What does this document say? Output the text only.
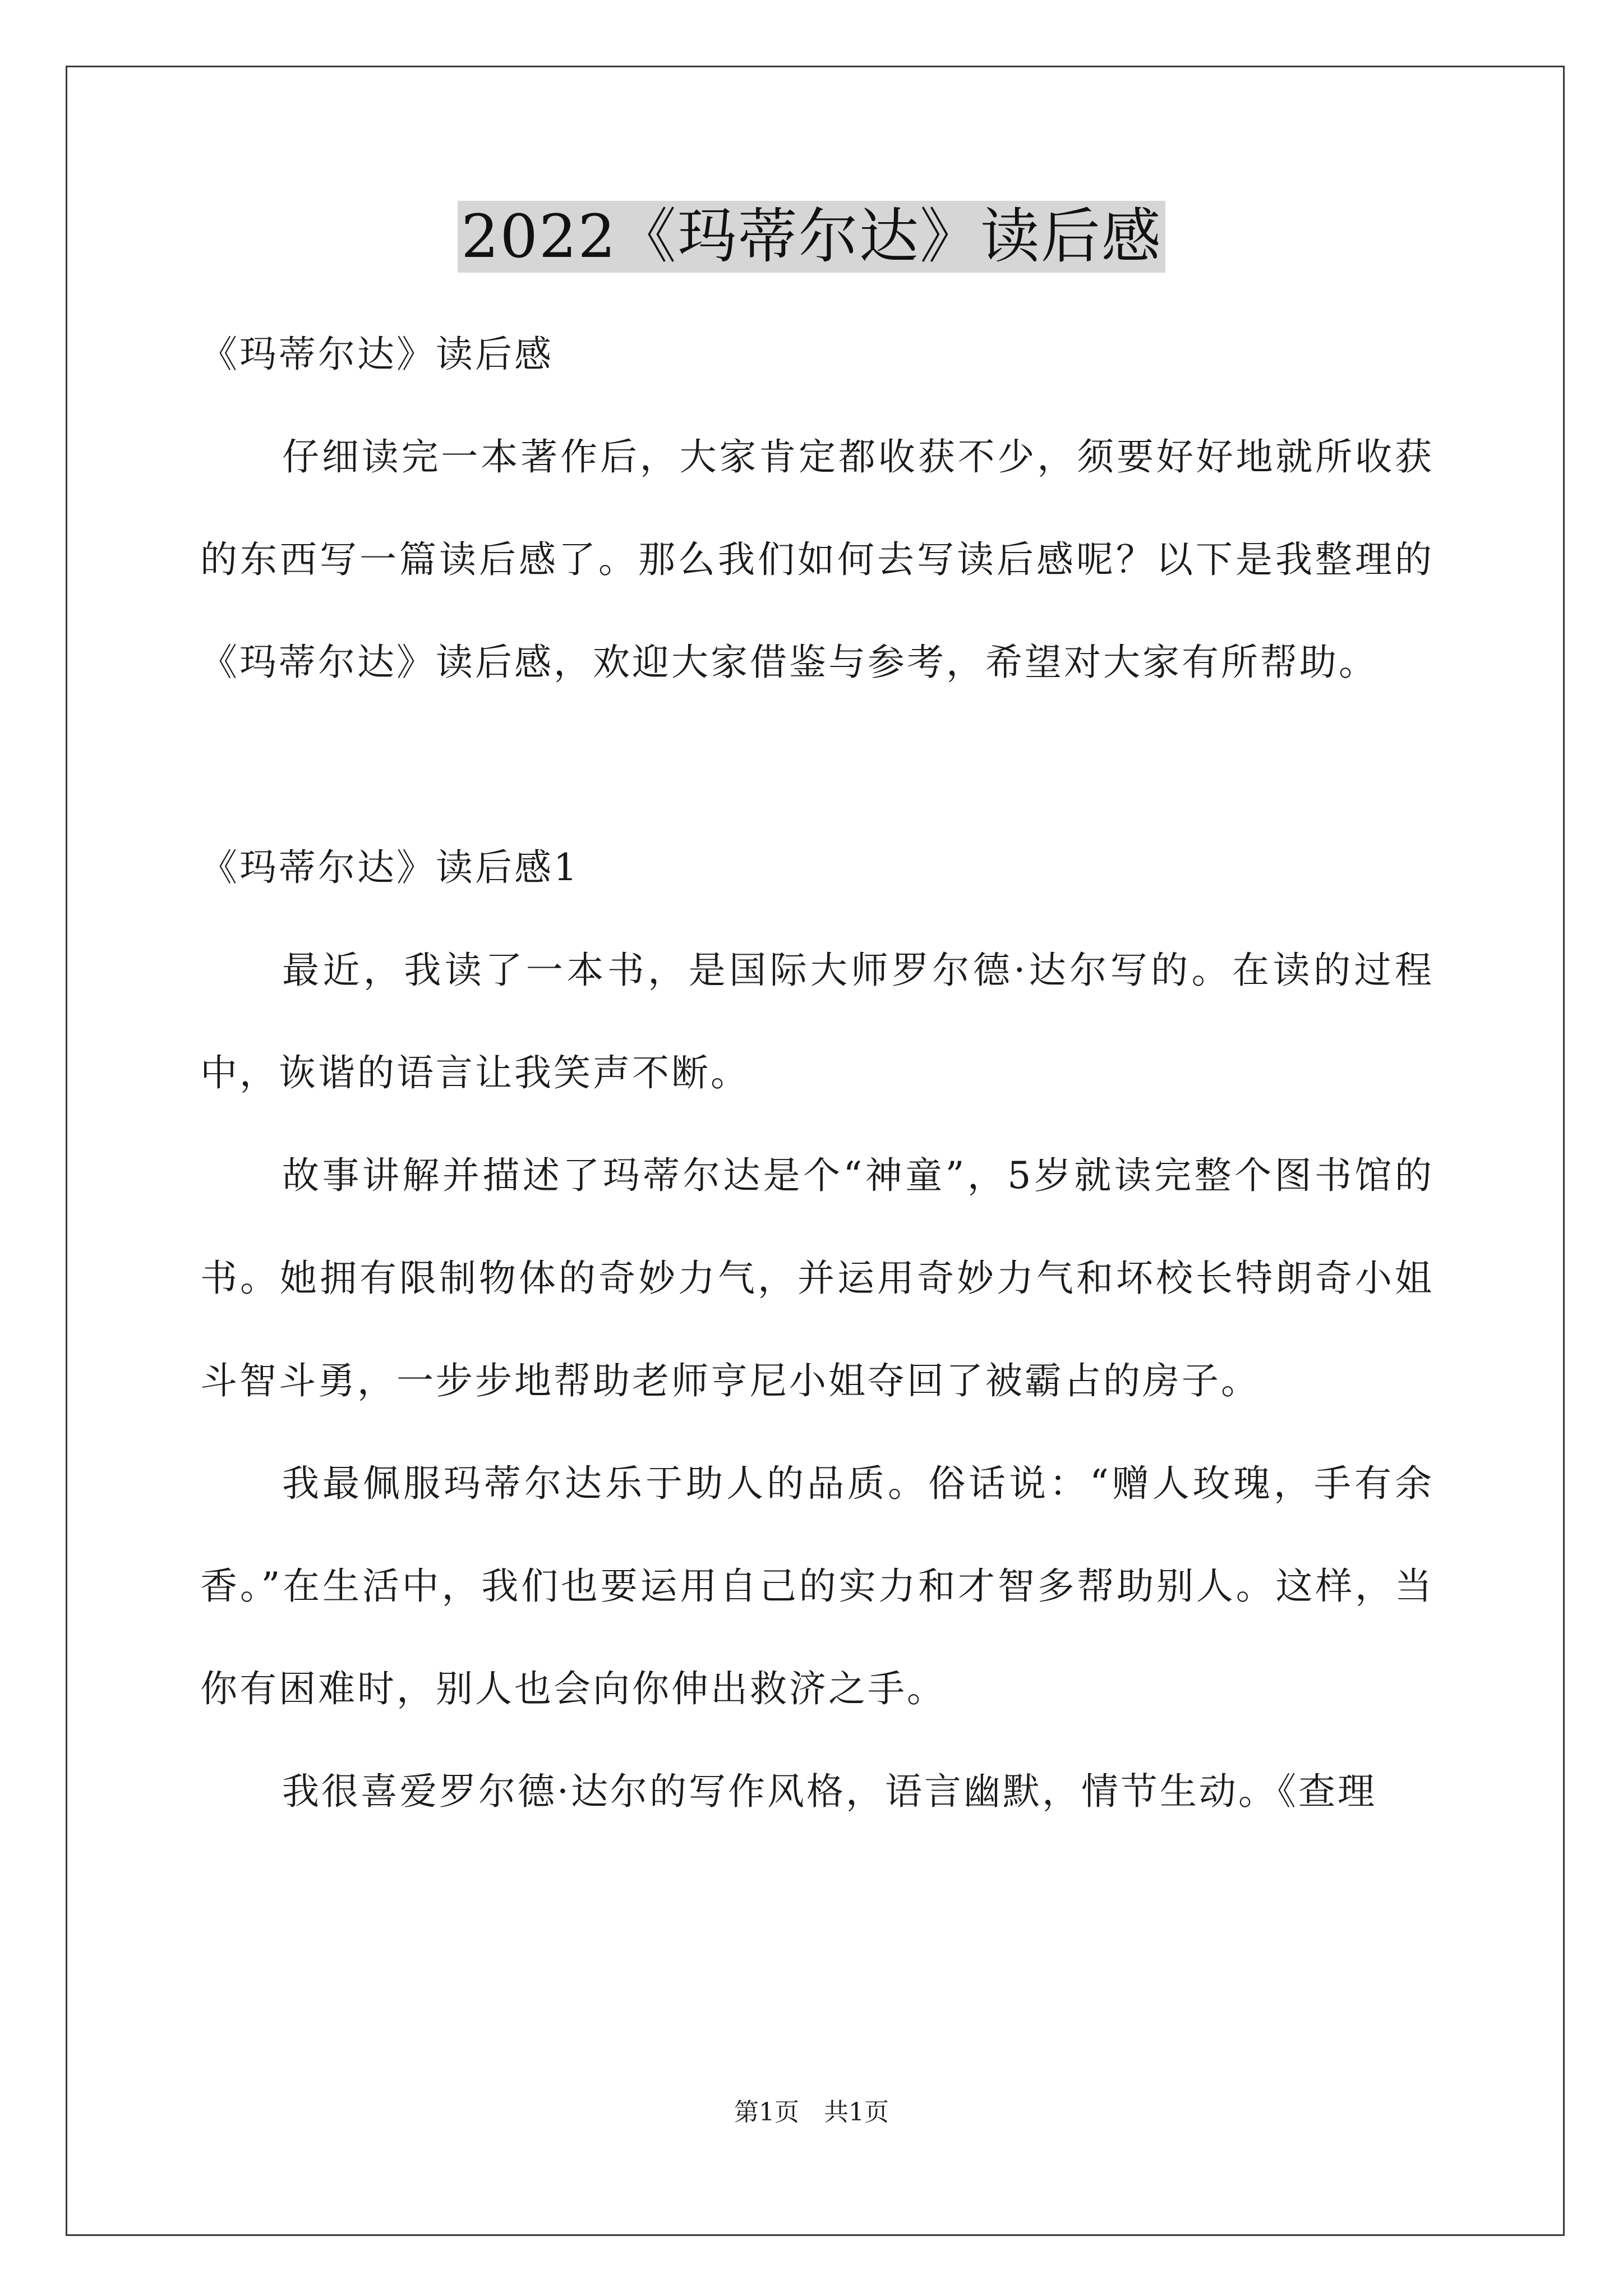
2022《玛蒂尔达》读后感

《玛蒂尔达》读后感

仔细读完一本著作后，大家肯定都收获不少，须要好好地就所收获的东西写一篇读后感了。那么我们如何去写读后感呢？以下是我整理的《玛蒂尔达》读后感，欢迎大家借鉴与参考，希望对大家有所帮助。

《玛蒂尔达》读后感1

最近，我读了一本书，是国际大师罗尔德·达尔写的。在读的过程中，诙谐的语言让我笑声不断。

故事讲解并描述了玛蒂尔达是个“神童”，5岁就读完整个图书馆的书。她拥有限制物体的奇妙力气，并运用奇妙力气和坏校长特朗奇小姐斗智斗勇，一步步地帮助老师亨尼小姐夺回了被霸占的房子。

我最佩服玛蒂尔达乐于助人的品质。俗话说：“赠人玫瑰，手有余香。”在生活中，我们也要运用自己的实力和才智多帮助别人。这样，当你有困难时，别人也会向你伸出救济之手。

我很喜爱罗尔德·达尔的写作风格，语言幽默，情节生动。《查理

第1页　共1页
